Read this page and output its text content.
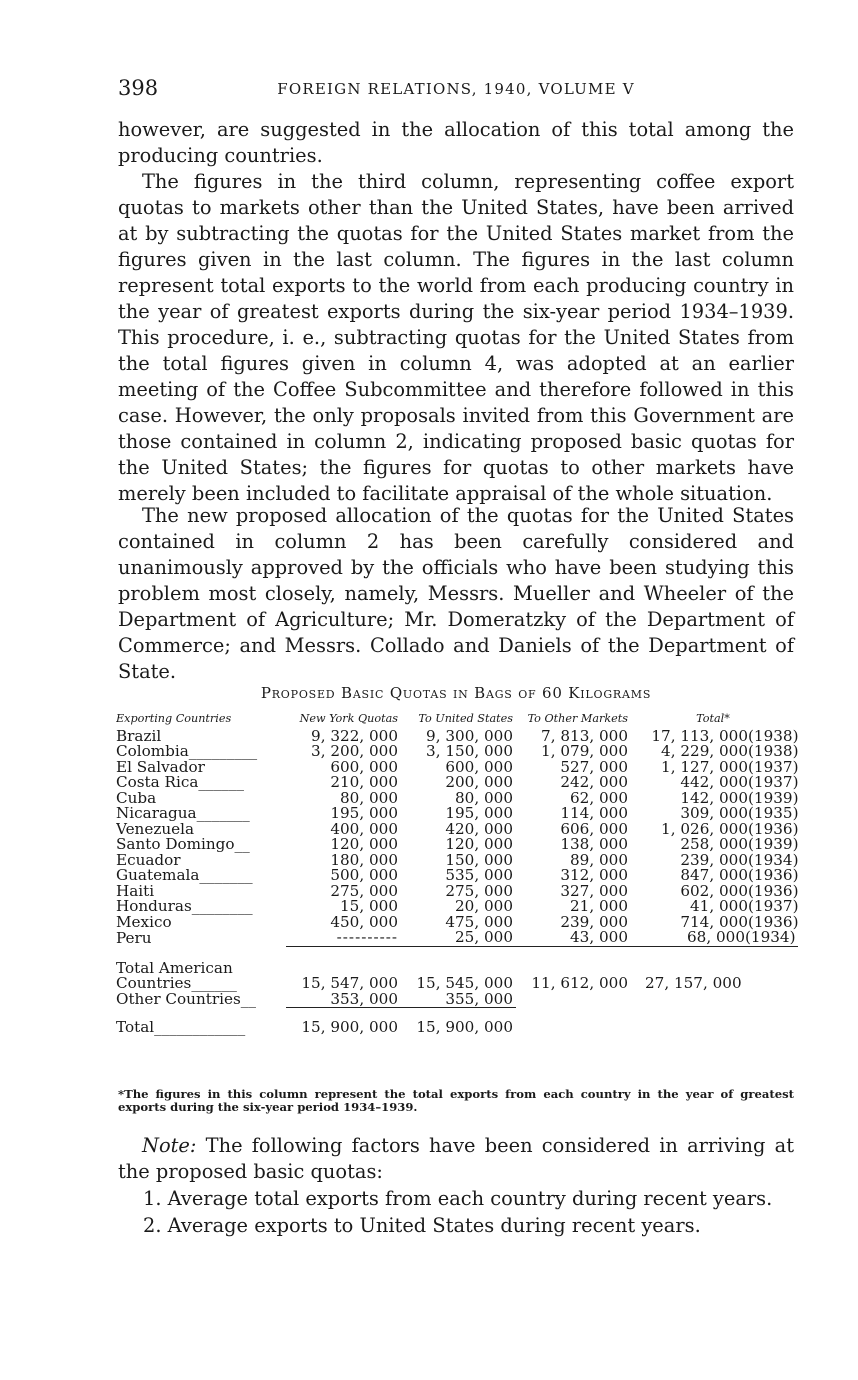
398	FOREIGN RELATIONS, 1940, VOLUME V

however, are suggested in the allocation of this total among the producing countries.

The figures in the third column, representing coffee export quotas to markets other than the United States, have been arrived at by subtracting the quotas for the United States market from the figures given in the last column. The figures in the last column represent total exports to the world from each producing country in the year of greatest exports during the six-year period 1934–1939. This procedure, i. e., subtracting quotas for the United States from the total figures given in column 4, was adopted at an earlier meeting of the Coffee Subcommittee and therefore followed in this case. However, the only proposals invited from this Government are those contained in column 2, indicating proposed basic quotas for the United States; the figures for quotas to other markets have merely been included to facilitate appraisal of the whole situation.

The new proposed allocation of the quotas for the United States contained in column 2 has been carefully considered and unanimously approved by the officials who have been studying this problem most closely, namely, Messrs. Mueller and Wheeler of the Department of Agriculture; Mr. Domeratzky of the Department of Commerce; and Messrs. Collado and Daniels of the Department of State.

Proposed Basic Quotas in Bags of 60 Kilograms
Exporting Countries	New York Quotas	To United States	To Other Markets	Total*
Brazil____________	9, 322, 000	9, 300, 000	7, 813, 000	17, 113, 000(1938)
Colombia_________	3, 200, 000	3, 150, 000	1, 079, 000	4, 229, 000(1938)
El Salvador______	600, 000	600, 000	527, 000	1, 127, 000(1937)
Costa Rica______	210, 000	200, 000	242, 000	442, 000(1937)
Cuba____________	80, 000	80, 000	62, 000	142, 000(1939)
Nicaragua_______	195, 000	195, 000	114, 000	309, 000(1935)
Venezuela_______	400, 000	420, 000	606, 000	1, 026, 000(1936)
Santo Domingo__	120, 000	120, 000	138, 000	258, 000(1939)
Ecuador_________	180, 000	150, 000	89, 000	239, 000(1934)
Guatemala_______	500, 000	535, 000	312, 000	847, 000(1936)
Haiti____________	275, 000	275, 000	327, 000	602, 000(1936)
Honduras________	15, 000	20, 000	21, 000	41, 000(1937)
Mexico__________	450, 000	475, 000	239, 000	714, 000(1936)
Peru____________	----------	25, 000	43, 000	68, 000(1934)

Total American				
Countries______	15, 547, 000	15, 545, 000	11, 612, 000	27, 157, 000
Other Countries__	353, 000	355, 000		

Total____________	15, 900, 000	15, 900, 000		

*The figures in this column represent the total exports from each country in the year of greatest exports during the six-year period 1934–1939.

Note: The following factors have been considered in arriving at the proposed basic quotas:

1. Average total exports from each country during recent years.
2. Average exports to United States during recent years.
